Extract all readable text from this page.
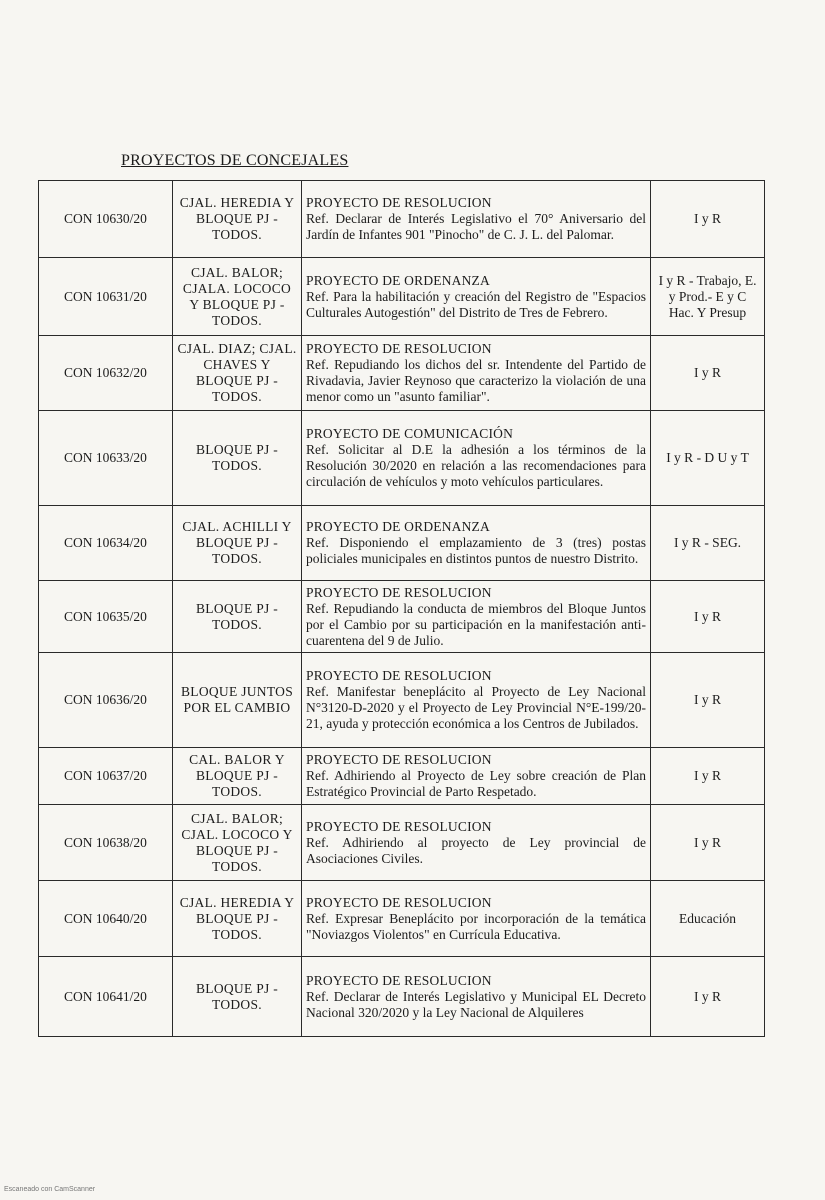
PROYECTOS DE CONCEJALES
CON 10630/20	CJAL. HEREDIA Y BLOQUE PJ - TODOS.	PROYECTO DE RESOLUCION
Ref. Declarar de Interés Legislativo el 70° Aniversario del Jardín de Infantes 901 "Pinocho" de C. J. L. del Palomar.	I y R
CON 10631/20	CJAL. BALOR; CJALA. LOCOCO Y BLOQUE PJ - TODOS.	PROYECTO DE ORDENANZA
Ref. Para la habilitación y creación del Registro de "Espacios Culturales Autogestión" del Distrito de Tres de Febrero.	I y R - Trabajo, E. y Prod.- E y C Hac. Y Presup
CON 10632/20	CJAL. DIAZ; CJAL. CHAVES Y BLOQUE PJ - TODOS.	PROYECTO DE RESOLUCION
Ref. Repudiando los dichos del sr. Intendente del Partido de Rivadavia, Javier Reynoso que caracterizo la violación de una menor como un "asunto familiar".	I y R
CON 10633/20	BLOQUE PJ - TODOS.	PROYECTO DE COMUNICACIÓN
Ref. Solicitar al D.E la adhesión a los términos de la Resolución 30/2020 en relación a las recomendaciones para circulación de vehículos y moto vehículos particulares.	I y R - D U y T
CON 10634/20	CJAL. ACHILLI Y BLOQUE PJ - TODOS.	PROYECTO DE ORDENANZA
Ref. Disponiendo el emplazamiento de 3 (tres) postas policiales municipales en distintos puntos de nuestro Distrito.	I y R - SEG.
CON 10635/20	BLOQUE PJ - TODOS.	PROYECTO DE RESOLUCION
Ref. Repudiando la conducta de miembros del Bloque Juntos por el Cambio por su participación en la manifestación anti-cuarentena del 9 de Julio.	I y R
CON 10636/20	BLOQUE JUNTOS POR EL CAMBIO	PROYECTO DE RESOLUCION
Ref. Manifestar beneplácito al Proyecto de Ley Nacional N°3120-D-2020 y el Proyecto de Ley Provincial N°E-199/20-21, ayuda y protección económica a los Centros de Jubilados.	I y R
CON 10637/20	CAL. BALOR Y BLOQUE PJ - TODOS.	PROYECTO DE RESOLUCION
Ref. Adhiriendo al Proyecto de Ley sobre creación de Plan Estratégico Provincial de Parto Respetado.	I y R
CON 10638/20	CJAL. BALOR; CJAL. LOCOCO Y BLOQUE PJ - TODOS.	PROYECTO DE RESOLUCION
Ref. Adhiriendo al proyecto de Ley provincial de Asociaciones Civiles.	I y R
CON 10640/20	CJAL. HEREDIA Y BLOQUE PJ - TODOS.	PROYECTO DE RESOLUCION
Ref. Expresar Beneplácito por incorporación de la temática "Noviazgos Violentos" en Currícula Educativa.	Educación
CON 10641/20	BLOQUE PJ - TODOS.	PROYECTO DE RESOLUCION
Ref. Declarar de Interés Legislativo y Municipal EL Decreto Nacional 320/2020 y la Ley Nacional de Alquileres	I y R
Escaneado con CamScanner
